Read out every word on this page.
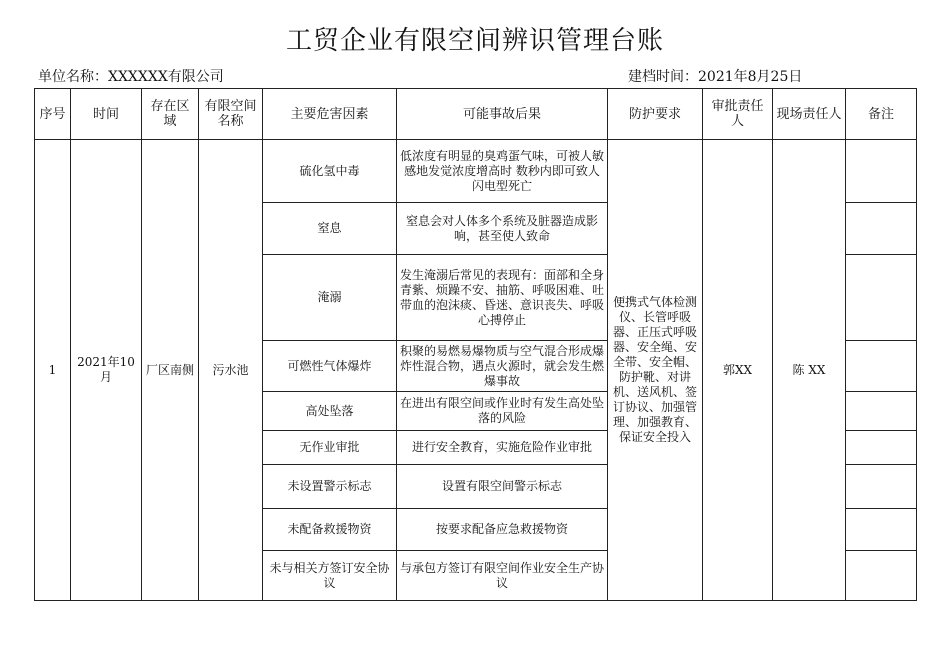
工贸企业有限空间辨识管理台账
单位名称：XXXXXX有限公司	建档时间：2021年8月25日
序号	时间	存在区域	有限空间名称	主要危害因素	可能事故后果	防护要求	审批责任人	现场责任人	备注
1	2021年10月	厂区南侧	污水池	硫化氢中毒	低浓度有明显的臭鸡蛋气味，可被人敏感地发觉浓度增高时 数秒内即可致人闪电型死亡	便携式气体检测仪、长管呼吸器、正压式呼吸器、安全绳、安全带、安全帽、防护靴、对讲机、送风机、签订协议、加强管理、加强教育、保证安全投入	郭XX	陈 XX	
				窒息	窒息会对人体多个系统及脏器造成影响，甚至使人致命				
				淹溺	发生淹溺后常见的表现有：面部和全身青紫、烦躁不安、抽筋、呼吸困难、吐带血的泡沫痰、昏迷、意识丧失、呼吸心搏停止				
				可燃性气体爆炸	积聚的易燃易爆物质与空气混合形成爆炸性混合物，遇点火源时，就会发生燃爆事故				
				高处坠落	在进出有限空间或作业时有发生高处坠落的风险				
				无作业审批	进行安全教育，实施危险作业审批				
				未设置警示标志	设置有限空间警示标志				
				未配备救援物资	按要求配备应急救援物资				
				未与相关方签订安全协议	与承包方签订有限空间作业安全生产协议				
